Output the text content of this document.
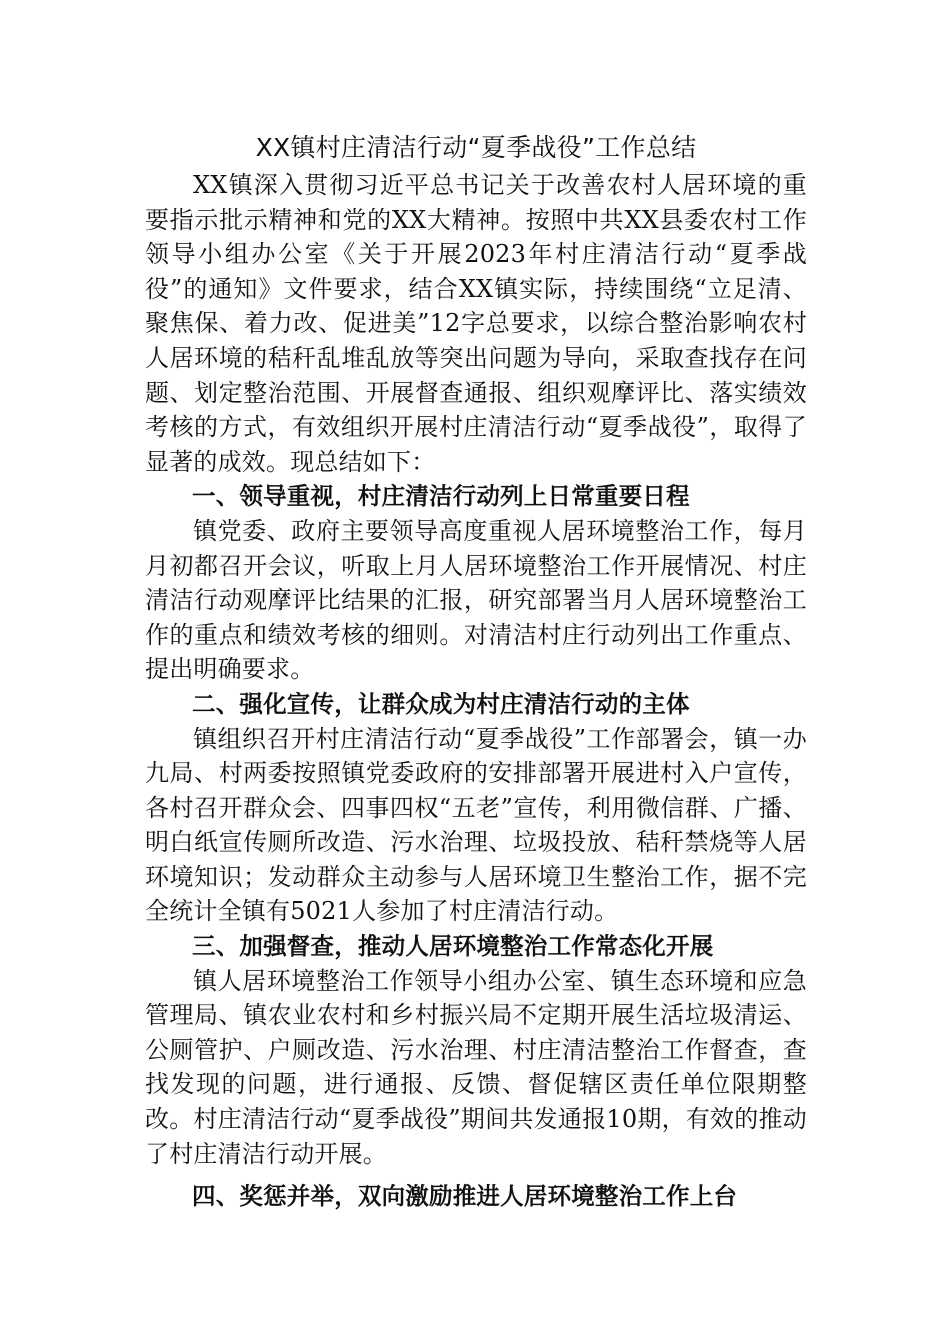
XX镇村庄清洁行动“夏季战役”工作总结

XX镇深入贯彻习近平总书记关于改善农村人居环境的重要指示批示精神和党的XX大精神。按照中共XX县委农村工作领导小组办公室《关于开展2023年村庄清洁行动“夏季战役”的通知》文件要求，结合XX镇实际，持续围绕“立足清、聚焦保、着力改、促进美”12字总要求，以综合整治影响农村人居环境的秸秆乱堆乱放等突出问题为导向，采取查找存在问题、划定整治范围、开展督查通报、组织观摩评比、落实绩效考核的方式，有效组织开展村庄清洁行动“夏季战役”，取得了显著的成效。现总结如下：

一、领导重视，村庄清洁行动列上日常重要日程

镇党委、政府主要领导高度重视人居环境整治工作，每月月初都召开会议，听取上月人居环境整治工作开展情况、村庄清洁行动观摩评比结果的汇报，研究部署当月人居环境整治工作的重点和绩效考核的细则。对清洁村庄行动列出工作重点、提出明确要求。

二、强化宣传，让群众成为村庄清洁行动的主体

镇组织召开村庄清洁行动“夏季战役”工作部署会，镇一办九局、村两委按照镇党委政府的安排部署开展进村入户宣传，各村召开群众会、四事四权“五老”宣传，利用微信群、广播、明白纸宣传厕所改造、污水治理、垃圾投放、秸秆禁烧等人居环境知识；发动群众主动参与人居环境卫生整治工作，据不完全统计全镇有5021人参加了村庄清洁行动。

三、加强督查，推动人居环境整治工作常态化开展

镇人居环境整治工作领导小组办公室、镇生态环境和应急管理局、镇农业农村和乡村振兴局不定期开展生活垃圾清运、公厕管护、户厕改造、污水治理、村庄清洁整治工作督查，查找发现的问题，进行通报、反馈、督促辖区责任单位限期整改。村庄清洁行动“夏季战役”期间共发通报10期，有效的推动了村庄清洁行动开展。

四、奖惩并举，双向激励推进人居环境整治工作上台
